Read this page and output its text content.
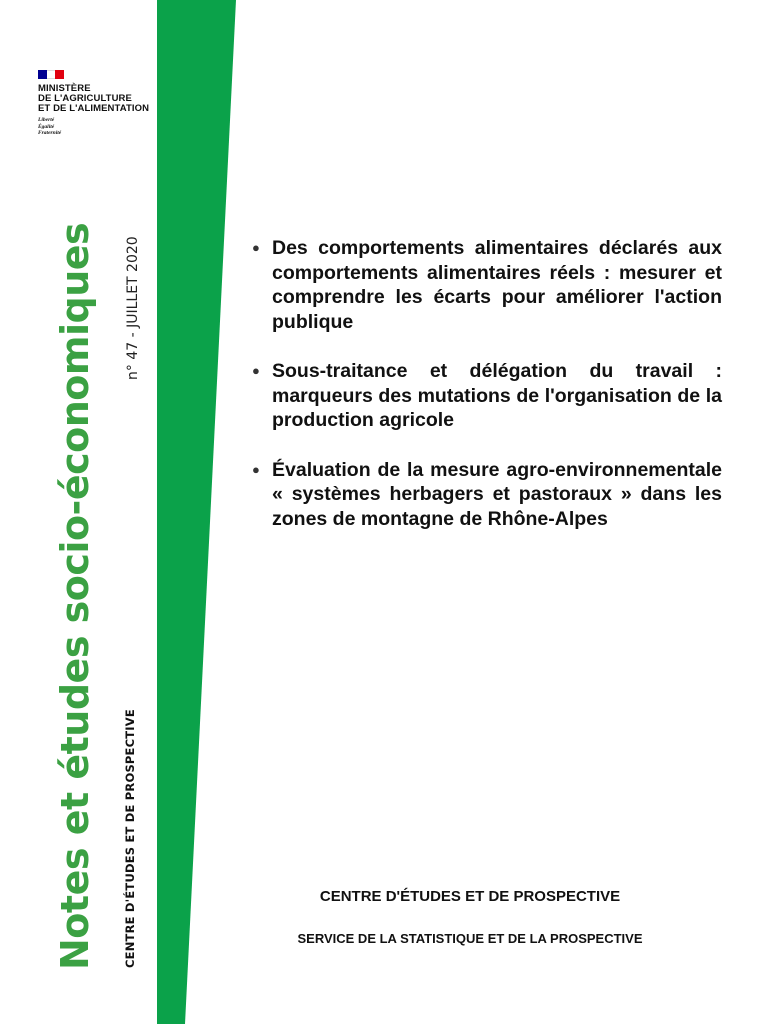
MINISTÈRE
DE L'AGRICULTURE
ET DE L'ALIMENTATION
Liberté
Égalité
Fraternité
Notes et études socio-économiques n° 47 - JUILLET 2020
CENTRE D'ÉTUDES ET DE PROSPECTIVE
● Des comportements alimentaires déclarés aux comportements alimentaires réels : mesurer et comprendre les écarts pour améliorer l'action publique
● Sous-traitance et délégation du travail : marqueurs des mutations de l'organisation de la production agricole
● Évaluation de la mesure agro-environnementale « systèmes herbagers et pastoraux » dans les zones de montagne de Rhône-Alpes
CENTRE D'ÉTUDES ET DE PROSPECTIVE
SERVICE DE LA STATISTIQUE ET DE LA PROSPECTIVE
